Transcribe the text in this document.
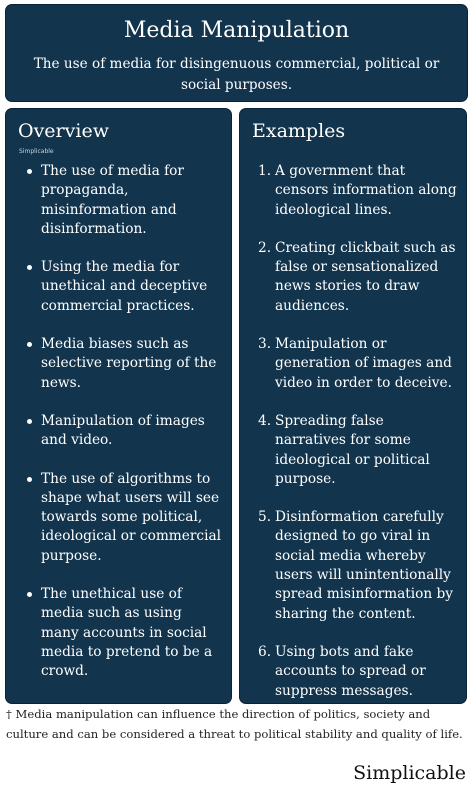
Media Manipulation
The use of media for disingenuous commercial, political or social purposes.
Overview
Simplicable
The use of media for propaganda, misinformation and disinformation.
Using the media for unethical and deceptive commercial practices.
Media biases such as selective reporting of the news.
Manipulation of images and video.
The use of algorithms to shape what users will see towards some political, ideological or commercial purpose.
The unethical use of media such as using many accounts in social media to pretend to be a crowd.
Examples
1. A government that censors information along ideological lines.
2. Creating clickbait such as false or sensationalized news stories to draw audiences.
3. Manipulation or generation of images and video in order to deceive.
4. Spreading false narratives for some ideological or political purpose.
5. Disinformation carefully designed to go viral in social media whereby users will unintentionally spread misinformation by sharing the content.
6. Using bots and fake accounts to spread or suppress messages.
† Media manipulation can influence the direction of politics, society and culture and can be considered a threat to political stability and quality of life.
Simplicable
